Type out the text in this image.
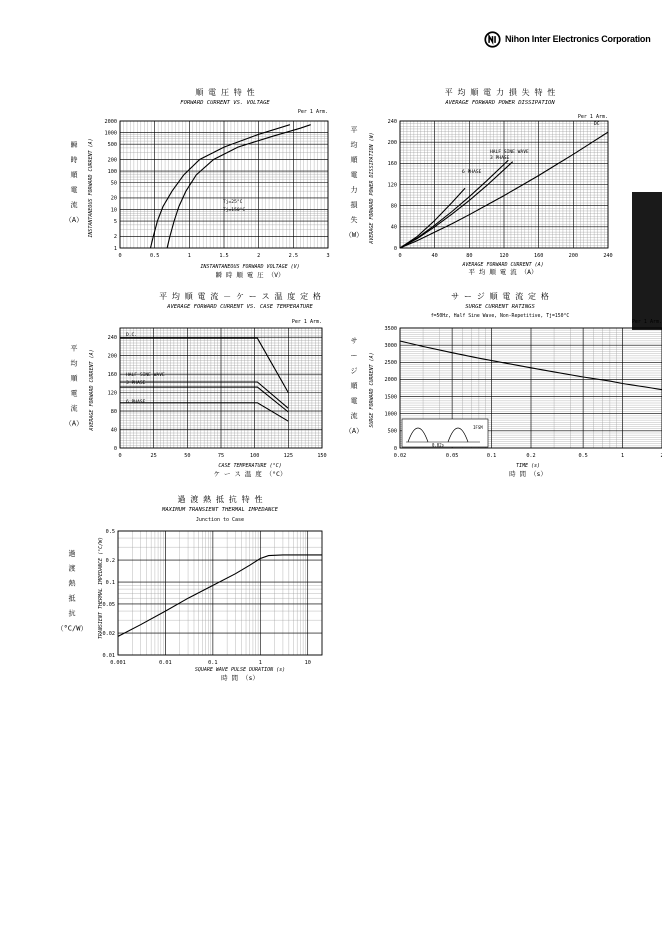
Nihon Inter Electronics Corporation
順 電 圧 特 性
FORWARD CURRENT VS. VOLTAGE
Per 1 Arm.
0	0.5	1	1.5	2	2.5	3
1
2
5
10
20
50
100
200
500
1000
2000
Tj=25°C
Tj=150°C
INSTANTANEOUS FORWARD VOLTAGE (V)
瞬 時 順 電 圧 （V）
INSTANTANEOUS FORWARD CURRENT (A)
瞬
時
順
電
流
（A）
平 均 順 電 力 損 失 特 性
AVERAGE FORWARD POWER DISSIPATION
Per 1 Arm.
0	40	80	120	160	200	240
0
40
80
120
160
200
240	DC
HALF SINE WAVE
3 PHASE
6 PHASE
AVERAGE FORWARD CURRENT (A)
平 均 順 電 流 （A）
AVERAGE FORWARD POWER DISSIPATION (W)
平
均
順
電
力
損
失
（W）
平 均 順 電 流 － ケ ー ス 温 度 定 格
AVERAGE FORWARD CURRENT VS. CASE TEMPERATURE
Per 1 Arm.
0	25	50	75	100	125	150
0
40
80
120
160
200
240 D.C.
HALF SINE WAVE
3 PHASE
6 PHASE
CASE TEMPERATURE (°C)
ケ ー ス 温 度 （°C）
AVERAGE FORWARD CURRENT (A)
平
均
順
電
流
（A）
サ ー ジ 順 電 流 定 格
SURGE CURRENT RATINGS
f=50Hz, Half Sine Wave, Non-Repetitive, Tj=150°C
Per 1 Arm.
0.02	0.05	0.1	0.2	0.5	1
0
500
1000
1500
2000
2500
3000
3500
0.02s
IFSM
TIME (s)
時 間 （s）
SURGE FORWARD CURRENT (A)
サ
ー
ジ
順
電
流
（A）
過 渡 熱 抵 抗 特 性
MAXIMUM TRANSIENT THERMAL IMPEDANCE
Junction to Case
0.001	0.01	0.1	1	10
0.01
0.02
0.05
0.1
0.2
0.5
SQUARE WAVE PULSE DURATION (s)
時 間 （s）
TRANSIENT THERMAL IMPEDANCE (°C/W)
過
渡
熱
抵
抗
（°C/W）
